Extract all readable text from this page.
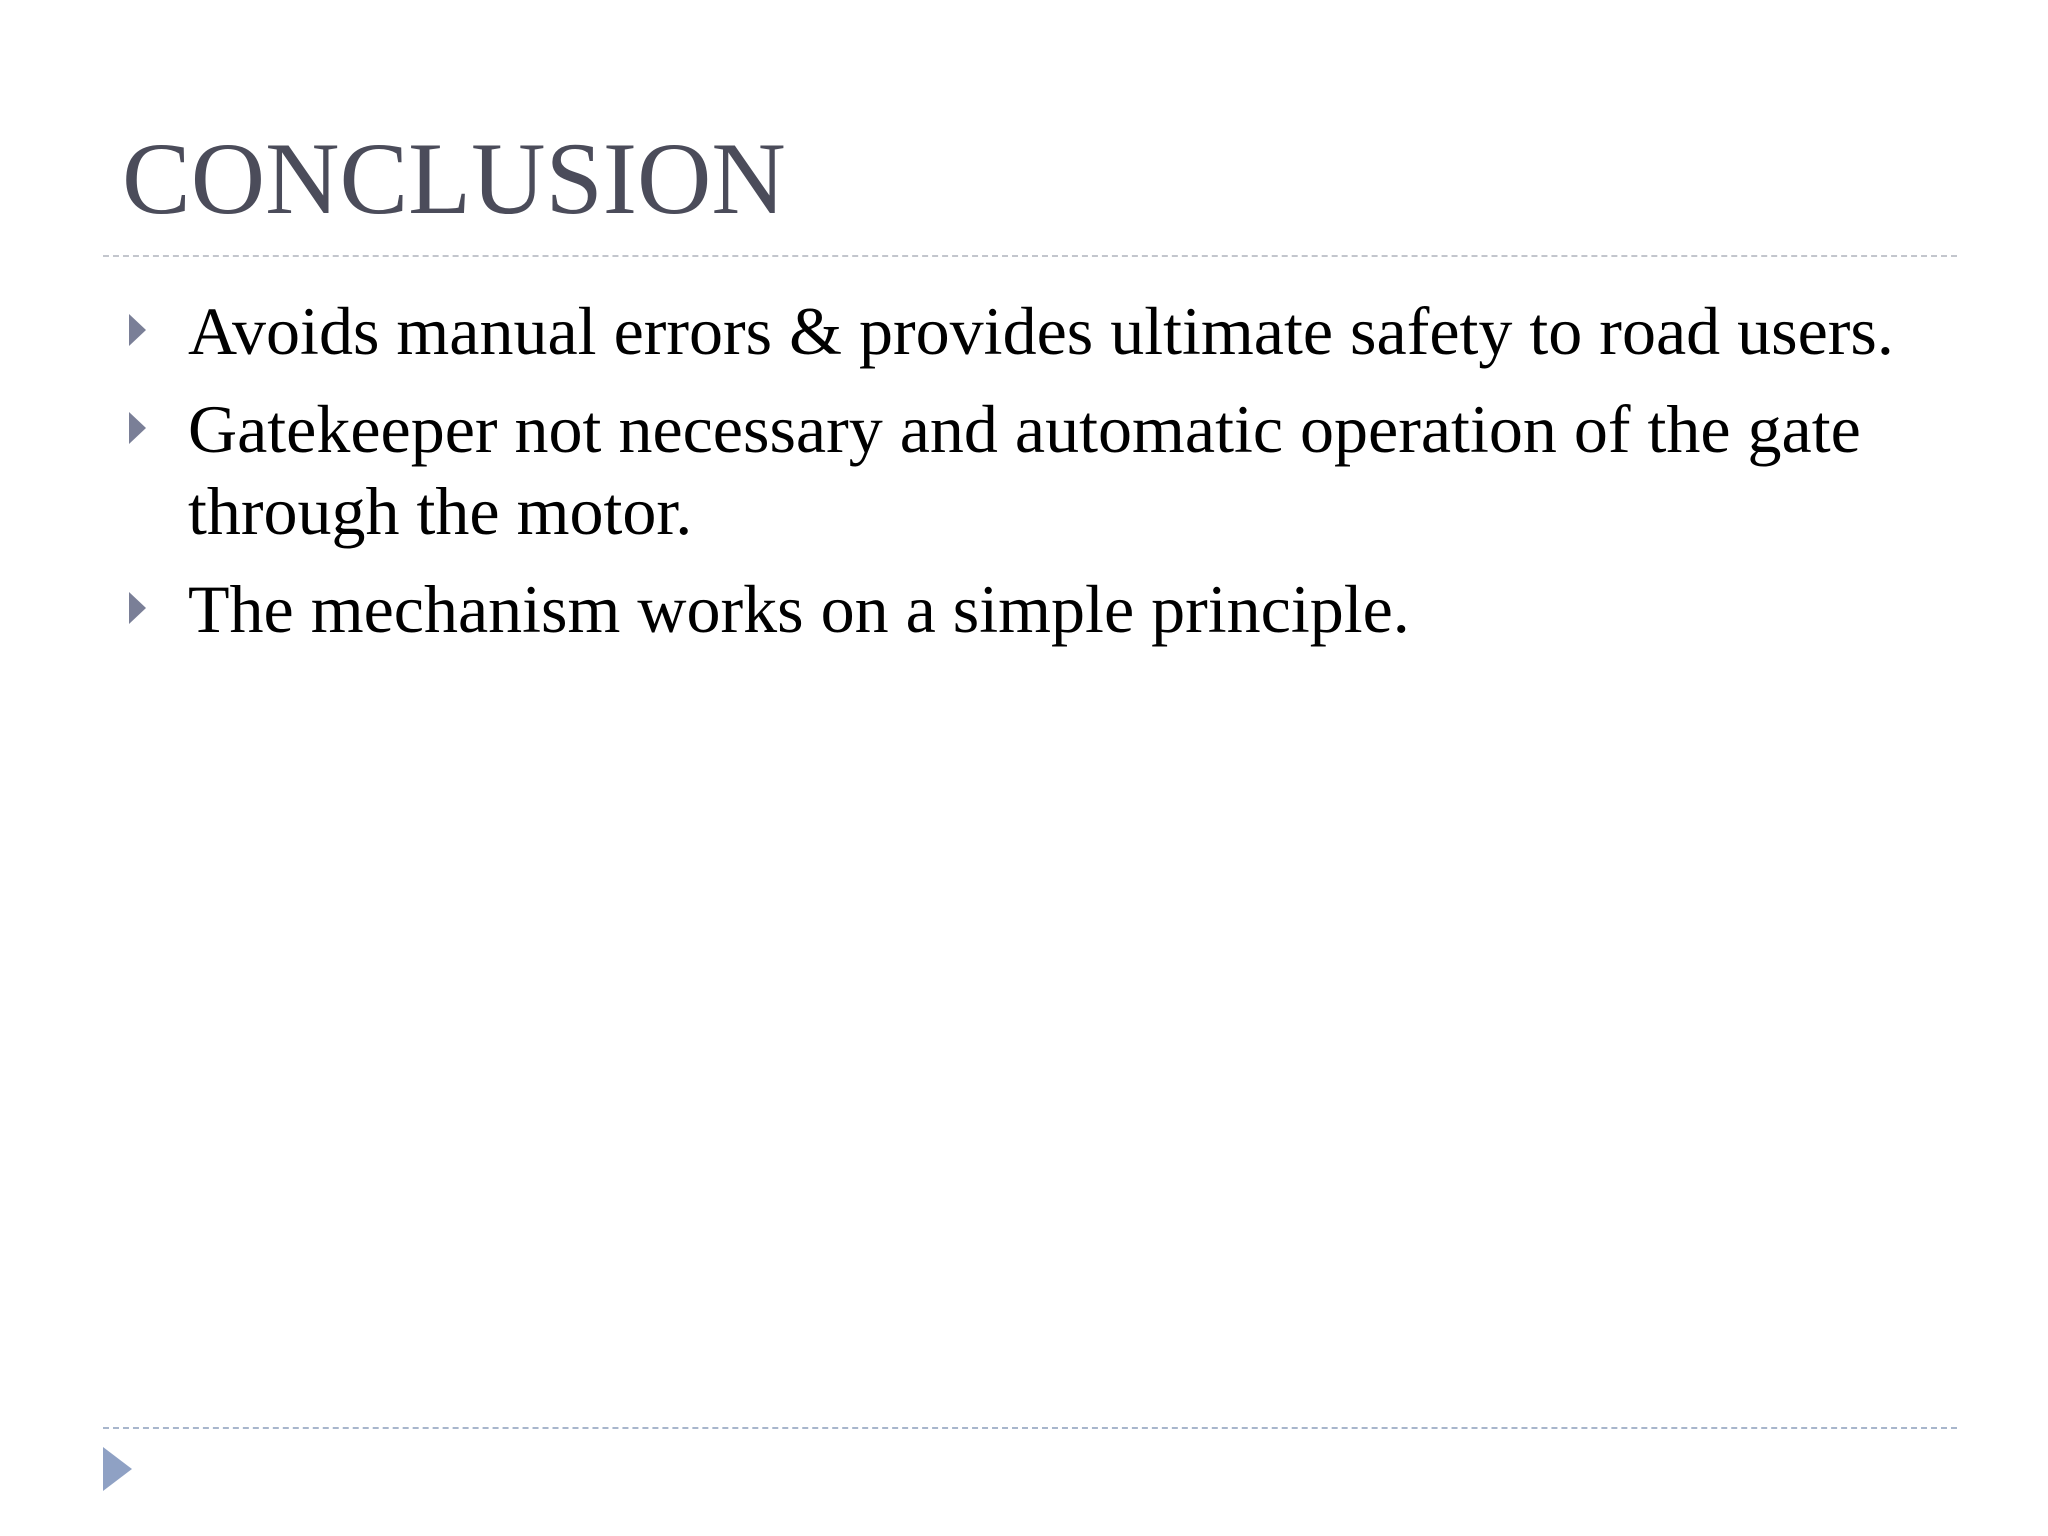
CONCLUSION
Avoids manual errors & provides ultimate safety to road users.
Gatekeeper not necessary and automatic operation of the gate through the motor.
The mechanism works on a simple principle.
